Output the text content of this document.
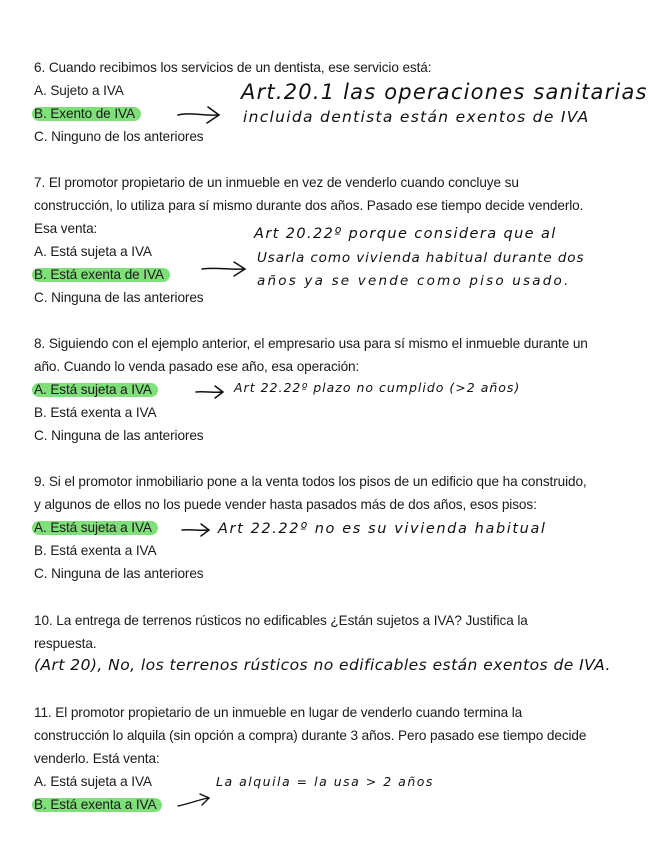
6. Cuando recibimos los servicios de un dentista, ese servicio está:

A. Sujeto a IVA
B. Exento de IVA
C. Ninguno de los anteriores
Art.20.1 las operaciones sanitarias
incluida dentista están exentos de IVA

7. El promotor propietario de un inmueble en vez de venderlo cuando concluye su

construcción, lo utiliza para sí mismo durante dos años. Pasado ese tiempo decide venderlo.

Esa venta:

A. Está sujeta a IVA
B. Está exenta de IVA
C. Ninguna de las anteriores
Art 20.22º porque considera que al
Usarla como vivienda habitual durante dos
años ya se vende como piso usado.

8. Siguiendo con el ejemplo anterior, el empresario usa para sí mismo el inmueble durante un

año. Cuando lo venda pasado ese año, esa operación:

A. Está sujeta a IVA
B. Está exenta a IVA
C. Ninguna de las anteriores
Art 22.22º plazo no cumplido (>2 años)

9. Si el promotor inmobiliario pone a la venta todos los pisos de un edificio que ha construido,

y algunos de ellos no los puede vender hasta pasados más de dos años, esos pisos:

A. Está sujeta a IVA
B. Está exenta a IVA
C. Ninguna de las anteriores
Art 22.22º no es su vivienda habitual

10. La entrega de terrenos rústicos no edificables ¿Están sujetos a IVA? Justifica la

respuesta.

(Art 20), No, los terrenos rústicos no edificables están exentos de IVA.

11. El promotor propietario de un inmueble en lugar de venderlo cuando termina la

construcción lo alquila (sin opción a compra) durante 3 años. Pero pasado ese tiempo decide

venderlo. Está venta:

A. Está sujeta a IVA
B. Está exenta a IVA
La alquila = la usa > 2 años
